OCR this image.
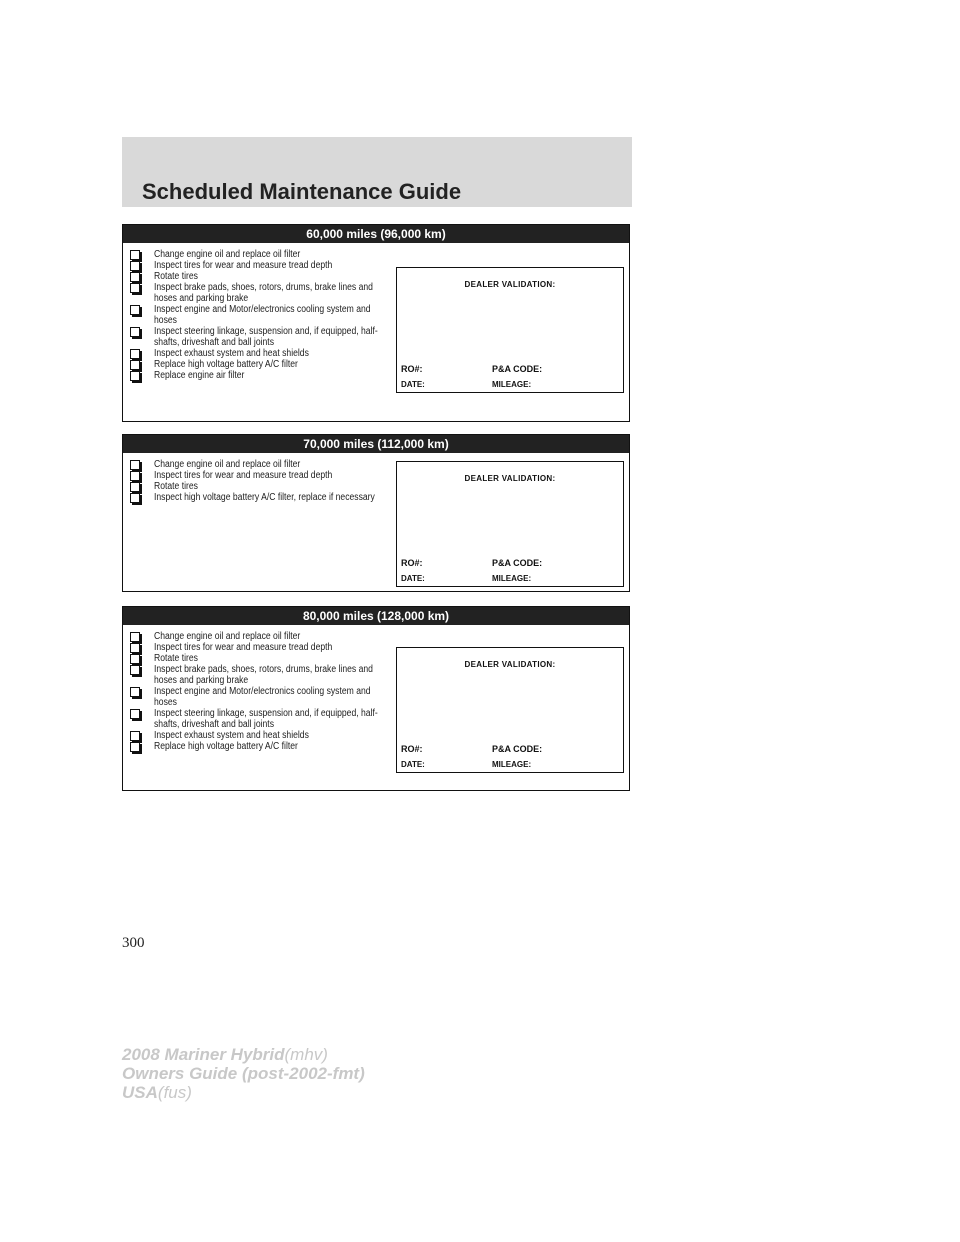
Scheduled Maintenance Guide
60,000 miles (96,000 km)
Change engine oil and replace oil filter
Inspect tires for wear and measure tread depth
Rotate tires
Inspect brake pads, shoes, rotors, drums, brake lines and hoses and parking brake
Inspect engine and Motor/electronics cooling system and hoses
Inspect steering linkage, suspension and, if equipped, half-shafts, driveshaft and ball joints
Inspect exhaust system and heat shields
Replace high voltage battery A/C filter
Replace engine air filter
DEALER VALIDATION:
RO#:	P&A CODE:
DATE:	MILEAGE:
70,000 miles (112,000 km)
Change engine oil and replace oil filter
Inspect tires for wear and measure tread depth
Rotate tires
Inspect high voltage battery A/C filter, replace if necessary
DEALER VALIDATION:
RO#:	P&A CODE:
DATE:	MILEAGE:
80,000 miles (128,000 km)
Change engine oil and replace oil filter
Inspect tires for wear and measure tread depth
Rotate tires
Inspect brake pads, shoes, rotors, drums, brake lines and hoses and parking brake
Inspect engine and Motor/electronics cooling system and hoses
Inspect steering linkage, suspension and, if equipped, half-shafts, driveshaft and ball joints
Inspect exhaust system and heat shields
Replace high voltage battery A/C filter
DEALER VALIDATION:
RO#:	P&A CODE:
DATE:	MILEAGE:
300
2008 Mariner Hybrid(mhv)
Owners Guide (post-2002-fmt)
USA(fus)
